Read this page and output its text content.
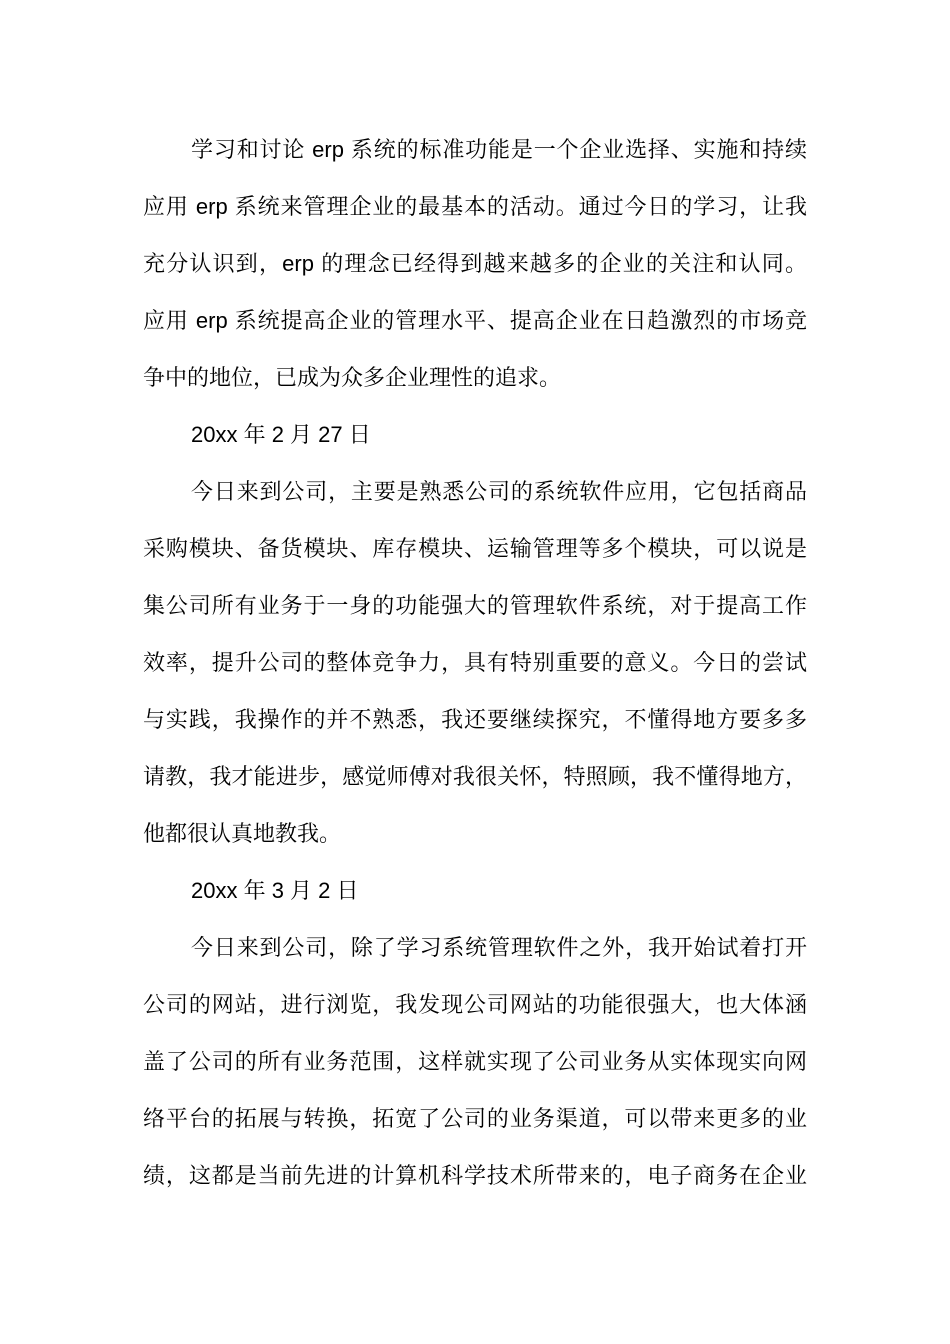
学习和讨论 erp 系统的标准功能是一个企业选择、实施和持续
应用 erp 系统来管理企业的最基本的活动。通过今日的学习，让我
充分认识到，erp 的理念已经得到越来越多的企业的关注和认同。
应用 erp 系统提高企业的管理水平、提高企业在日趋激烈的市场竞
争中的地位，已成为众多企业理性的追求。
20xx 年 2 月 27 日
今日来到公司，主要是熟悉公司的系统软件应用，它包括商品
采购模块、备货模块、库存模块、运输管理等多个模块，可以说是
集公司所有业务于一身的功能强大的管理软件系统，对于提高工作
效率，提升公司的整体竞争力，具有特别重要的意义。今日的尝试
与实践，我操作的并不熟悉，我还要继续探究，不懂得地方要多多
请教，我才能进步，感觉师傅对我很关怀，特照顾，我不懂得地方，
他都很认真地教我。
20xx 年 3 月 2 日
今日来到公司，除了学习系统管理软件之外，我开始试着打开
公司的网站，进行浏览，我发现公司网站的功能很强大，也大体涵
盖了公司的所有业务范围，这样就实现了公司业务从实体现实向网
络平台的拓展与转换，拓宽了公司的业务渠道，可以带来更多的业
绩，这都是当前先进的计算机科学技术所带来的，电子商务在企业
